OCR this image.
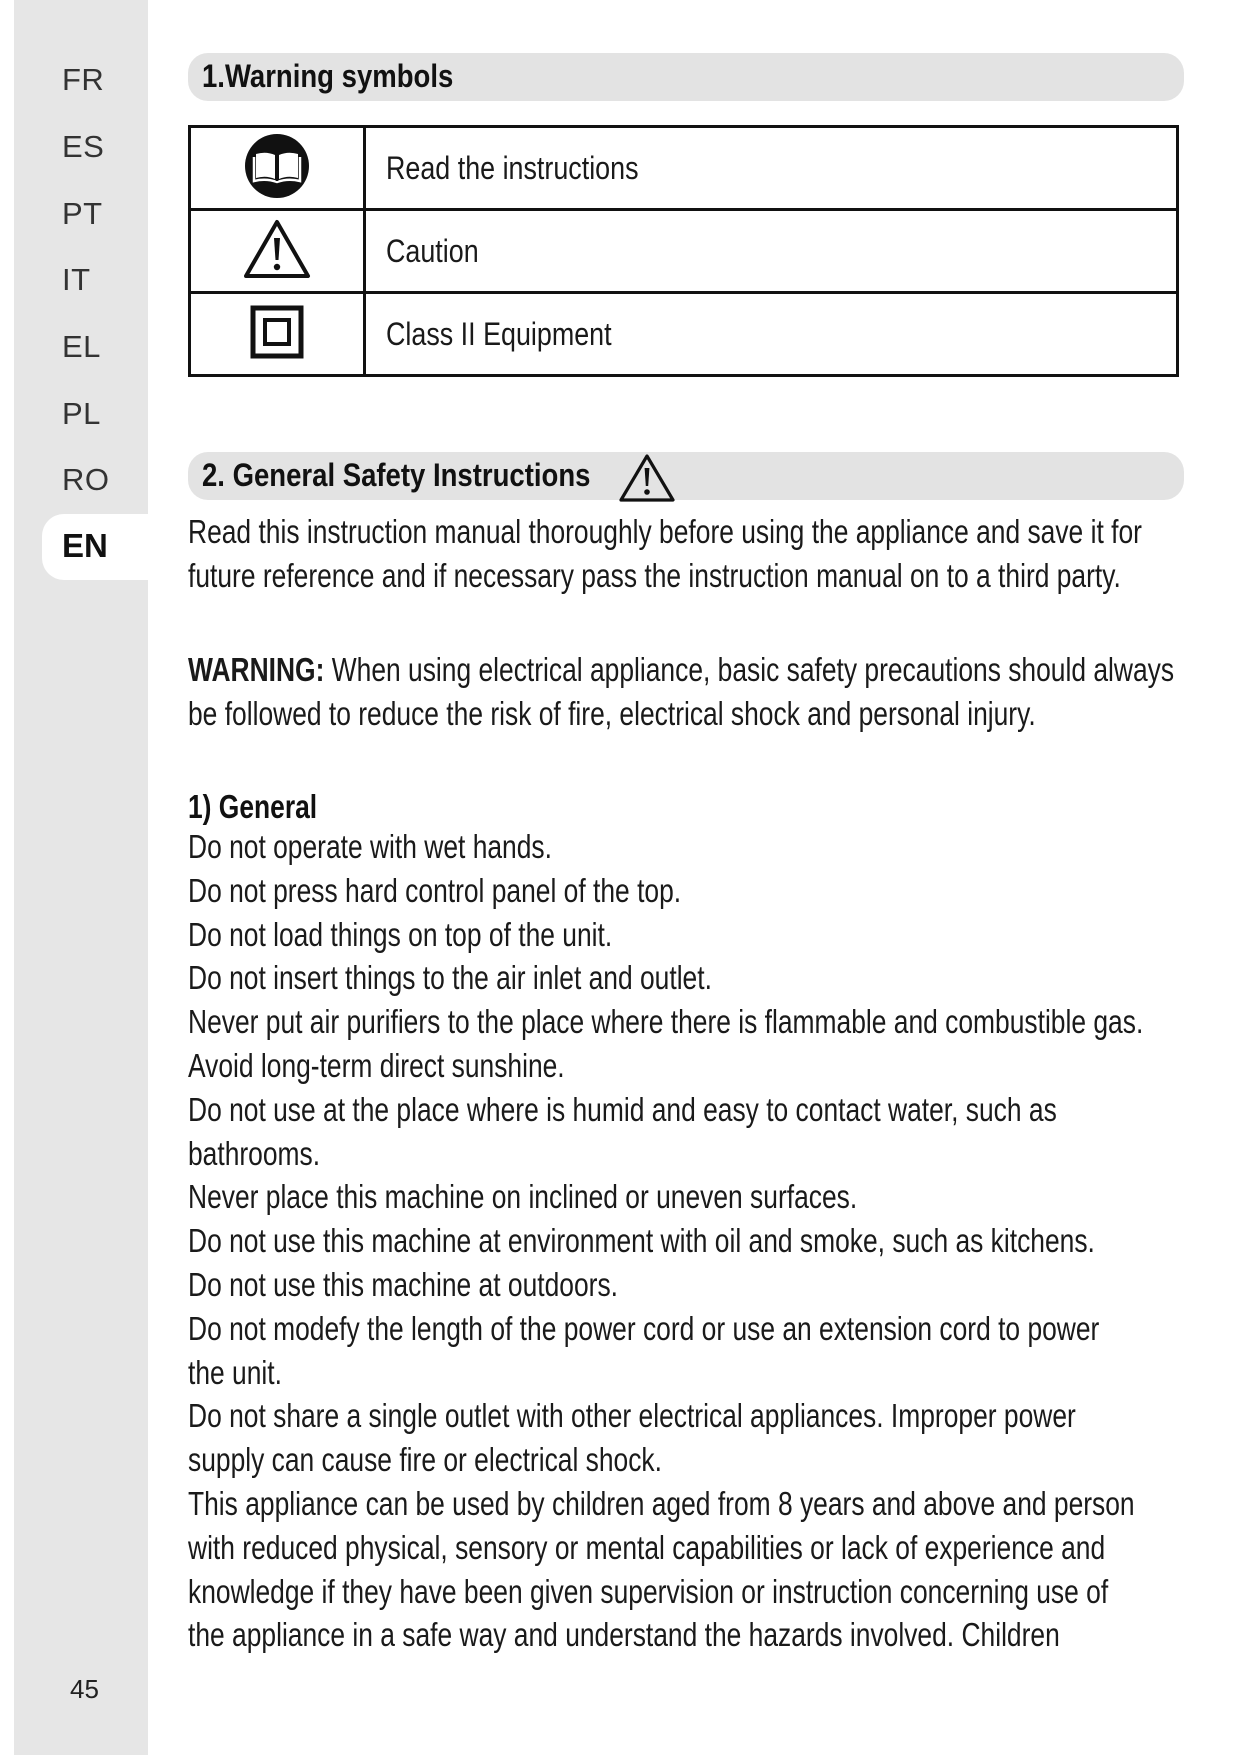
FR
ES
PT
IT
EL
PL
RO
EN
45
1.Warning symbols
	Read the instructions
	Caution
	Class II Equipment
2. General Safety Instructions
Read this instruction manual thoroughly before using the appliance and save it for
future reference and if necessary pass the instruction manual on to a third party.
WARNING: When using electrical appliance, basic safety precautions should always
be followed to reduce the risk of fire, electrical shock and personal injury.
1) General
Do not operate with wet hands.
Do not press hard control panel of the top.
Do not load things on top of the unit.
Do not insert things to the air inlet and outlet.
Never put air purifiers to the place where there is flammable and combustible gas.
Avoid long-term direct sunshine.
Do not use at the place where is humid and easy to contact water, such as
bathrooms.
Never place this machine on inclined or uneven surfaces.
Do not use this machine at environment with oil and smoke, such as kitchens.
Do not use this machine at outdoors.
Do not modefy the length of the power cord or use an extension cord to power
the unit.
Do not share a single outlet with other electrical appliances. Improper power
supply can cause fire or electrical shock.
This appliance can be used by children aged from 8 years and above and person
with reduced physical, sensory or mental capabilities or lack of experience and
knowledge if they have been given supervision or instruction concerning use of
the appliance in a safe way and understand the hazards involved. Children
